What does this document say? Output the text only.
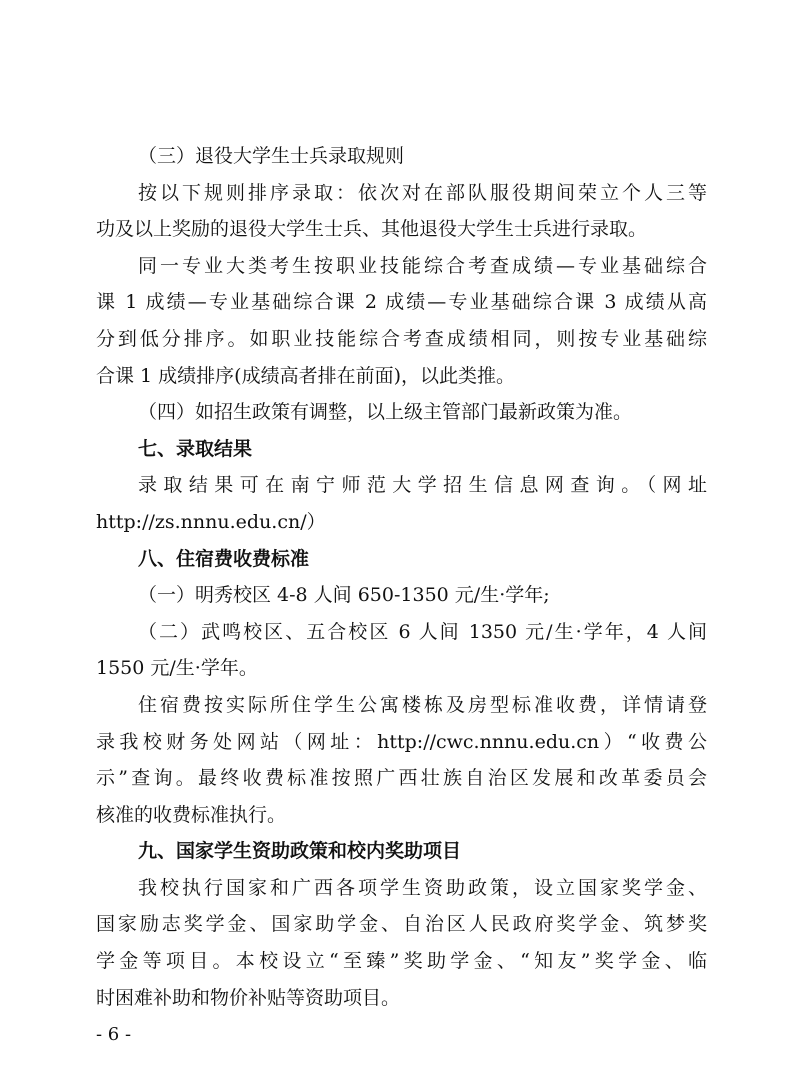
（三）退役大学生士兵录取规则
按以下规则排序录取：依次对在部队服役期间荣立个人三等
功及以上奖励的退役大学生士兵、其他退役大学生士兵进行录取。
同一专业大类考生按职业技能综合考查成绩—专业基础综合
课 1 成绩—专业基础综合课 2 成绩—专业基础综合课 3 成绩从高
分到低分排序。如职业技能综合考查成绩相同，则按专业基础综
合课 1 成绩排序(成绩高者排在前面)，以此类推。
（四）如招生政策有调整，以上级主管部门最新政策为准。
七、录取结果
录取结果可在南宁师范大学招生信息网查询。（网址
http://zs.nnnu.edu.cn/）
八、住宿费收费标准
（一）明秀校区 4-8 人间 650-1350 元/生·学年;
（二）武鸣校区、五合校区 6 人间 1350 元/生·学年，4 人间
1550 元/生·学年。
住宿费按实际所住学生公寓楼栋及房型标准收费，详情请登
录我校财务处网站（网址：http://cwc.nnnu.edu.cn）“收费公
示”查询。最终收费标准按照广西壮族自治区发展和改革委员会
核准的收费标准执行。
九、国家学生资助政策和校内奖助项目
我校执行国家和广西各项学生资助政策，设立国家奖学金、
国家励志奖学金、国家助学金、自治区人民政府奖学金、筑梦奖
学金等项目。本校设立“至臻”奖助学金、“知友”奖学金、临
时困难补助和物价补贴等资助项目。
- 6 -
